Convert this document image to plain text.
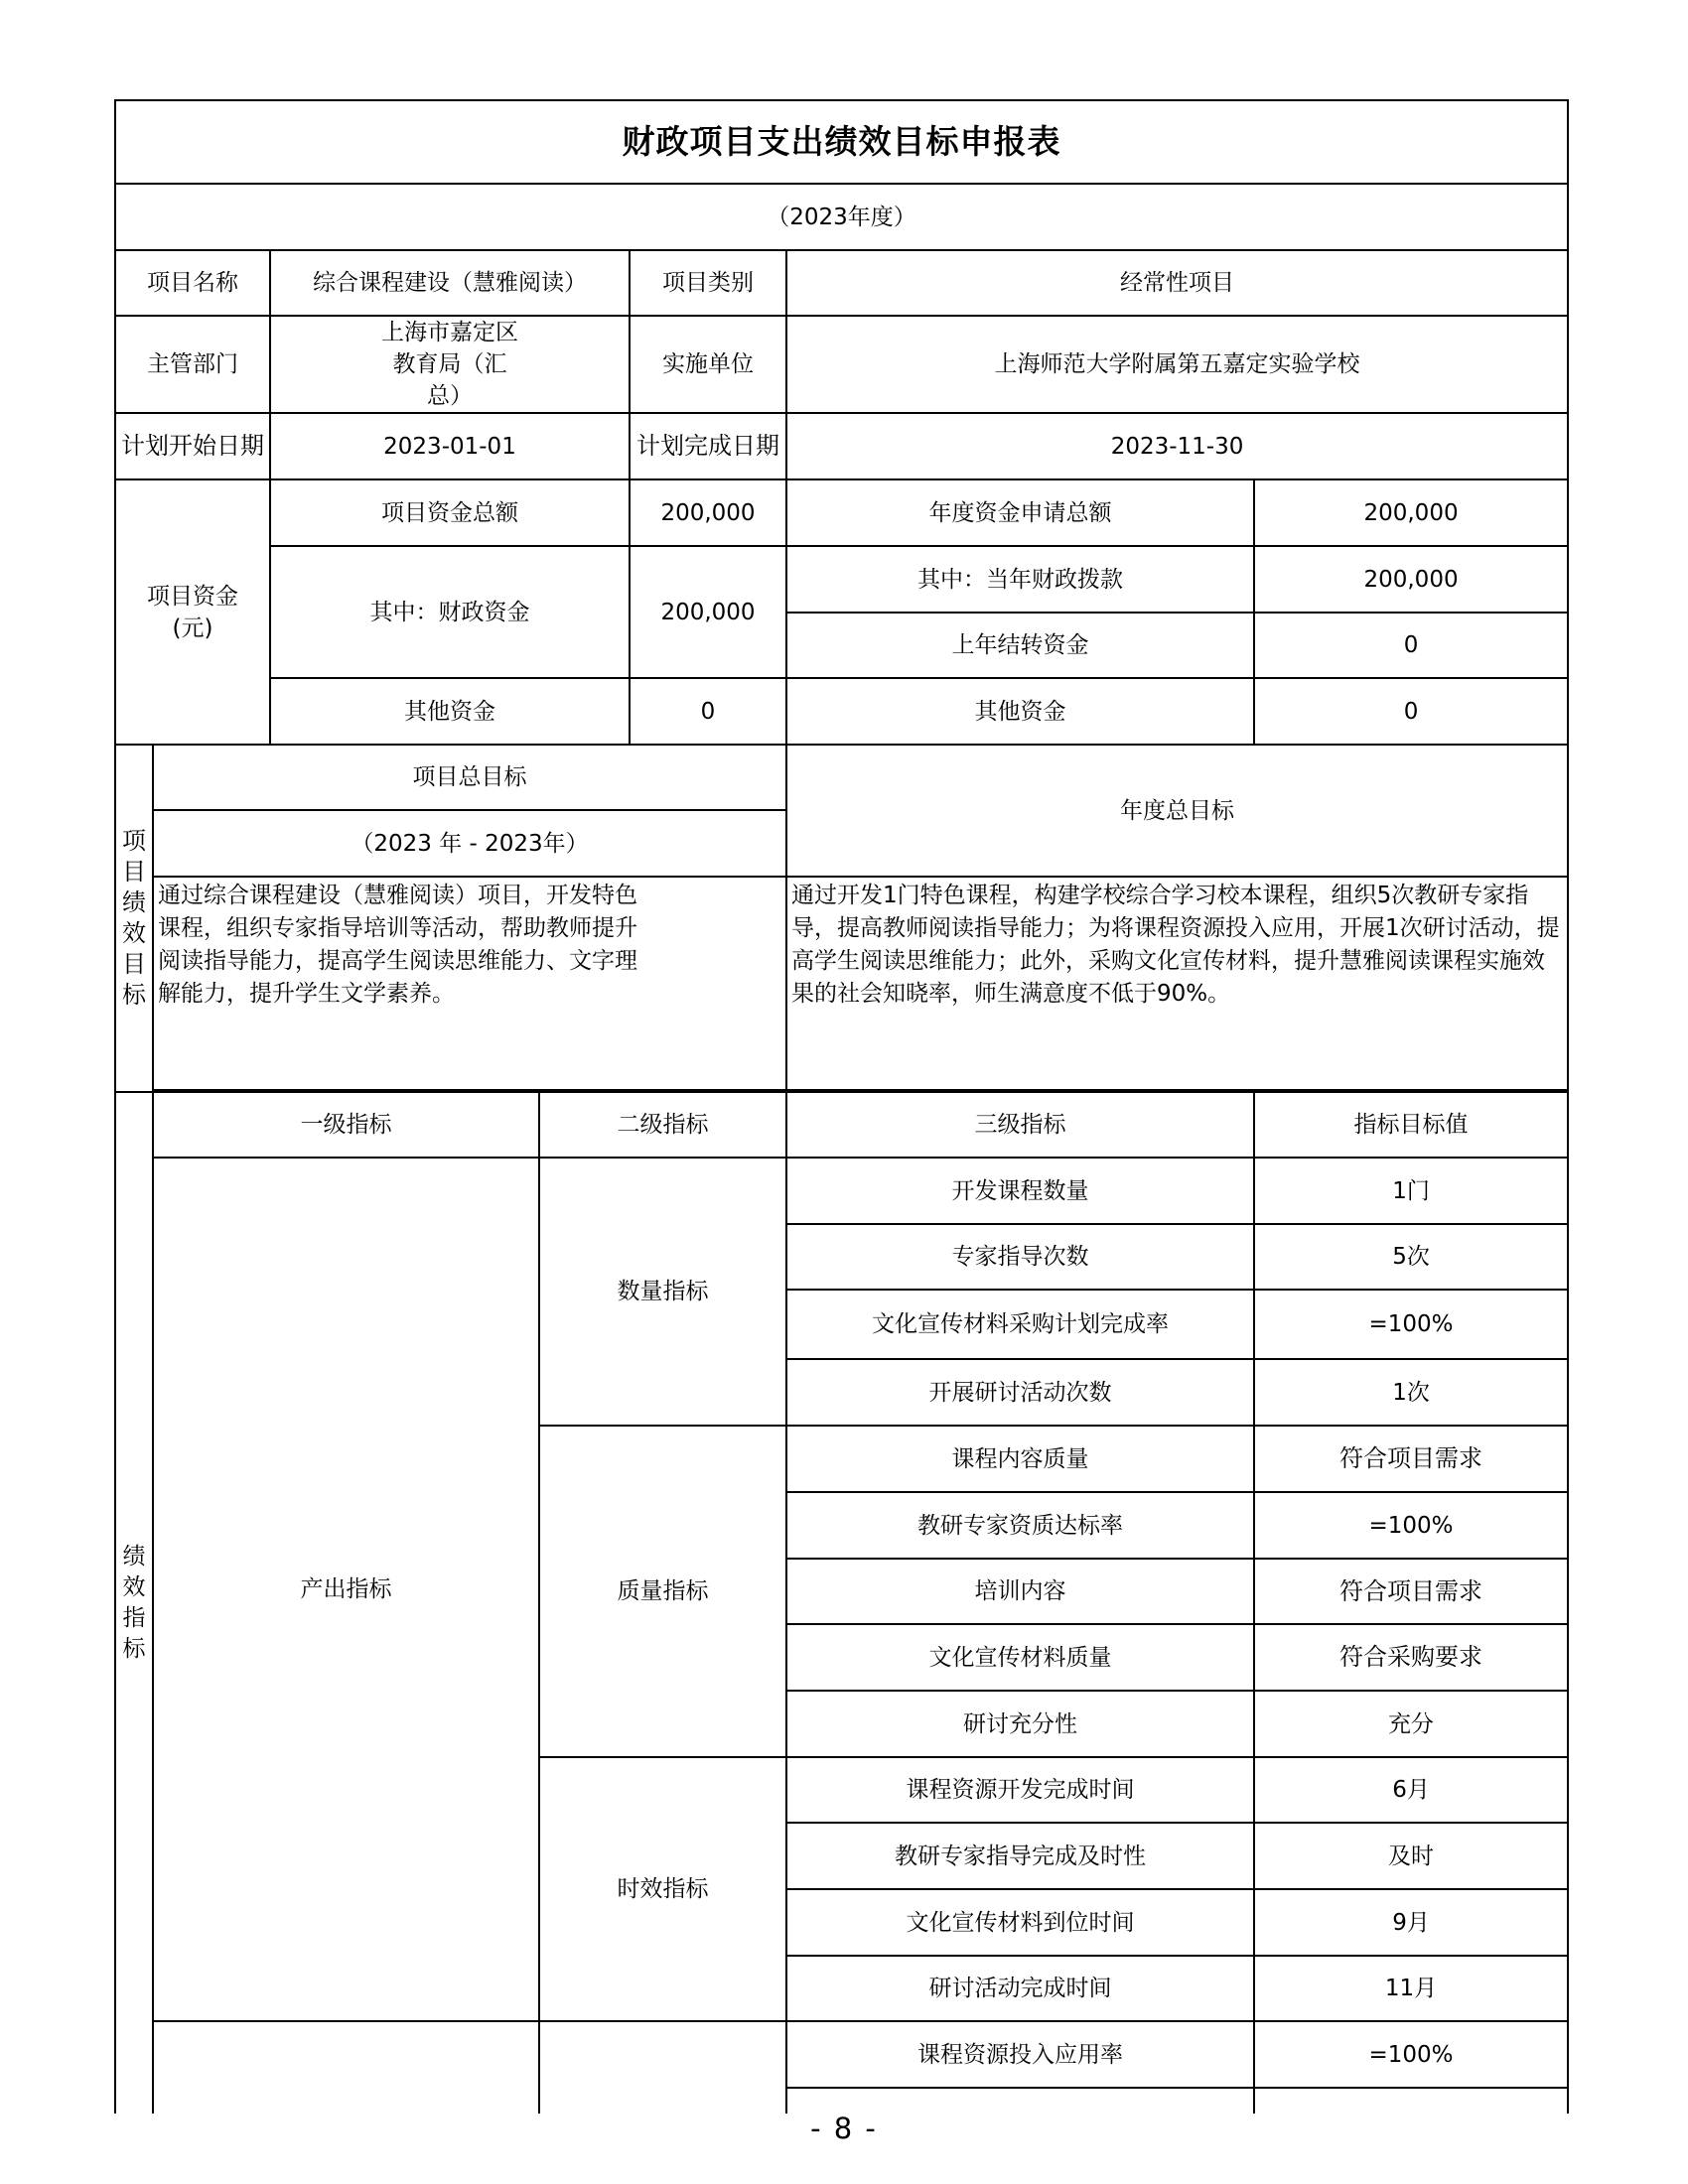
财政项目支出绩效目标申报表						
（2023年度）						
项目名称		综合课程建设（慧雅阅读）		项目类别	经常性项目	
主管部门		上海市嘉定区教育局（汇总）		实施单位	上海师范大学附属第五嘉定实验学校	
计划开始日期		2023-01-01		计划完成日期	2023-11-30	
项目资金(元)		项目资金总额		200,000	年度资金申请总额	200,000
		其中：财政资金		200,000	其中：当年财政拨款	200,000
					上年结转资金	0
		其他资金		0	其他资金	0
项目绩效目标	项目总目标				年度总目标	
	（2023 年 - 2023年）					
	通过综合课程建设（慧雅阅读）项目，开发特色课程，组织专家指导培训等活动，帮助教师提升阅读指导能力，提高学生阅读思维能力、文字理解能力，提升学生文学素养。				通过开发1门特色课程，构建学校综合学习校本课程，组织5次教研专家指导，提高教师阅读指导能力；为将课程资源投入应用，开展1次研讨活动，提高学生阅读思维能力；此外，采购文化宣传材料，提升慧雅阅读课程实施效果的社会知晓率，师生满意度不低于90%。	

绩效指标	一级指标		二级指标		三级指标	指标目标值
	产出指标		数量指标		开发课程数量	1门
					专家指导次数	5次
					文化宣传材料采购计划完成率	=100%
					开展研讨活动次数	1次
			质量指标		课程内容质量	符合项目需求
					教研专家资质达标率	=100%
					培训内容	符合项目需求
					文化宣传材料质量	符合采购要求
					研讨充分性	充分
			时效指标		课程资源开发完成时间	6月
					教研专家指导完成及时性	及时
					文化宣传材料到位时间	9月
					研讨活动完成时间	11月
					课程资源投入应用率	=100%

- 8 -
